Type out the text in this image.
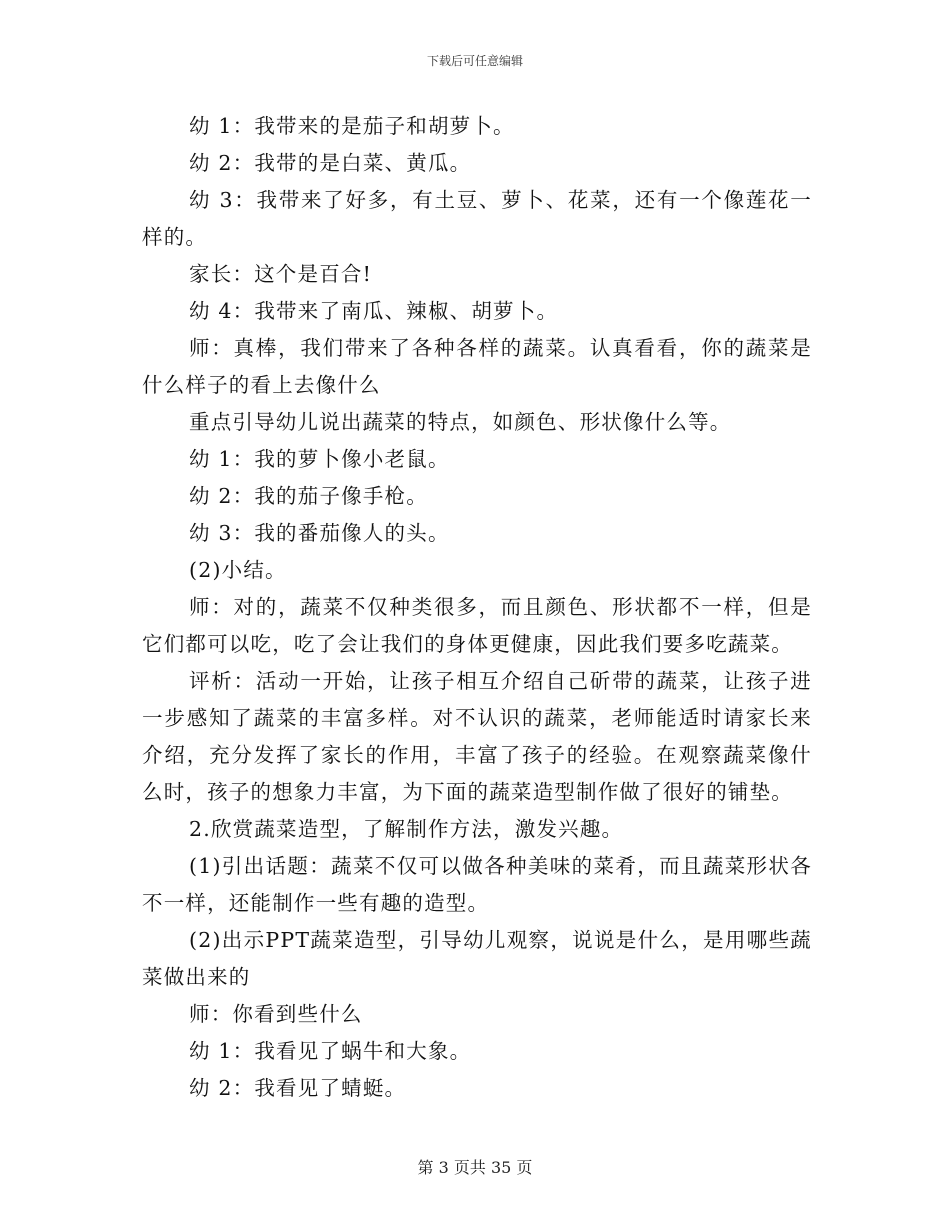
下载后可任意编辑

幼 1：我带来的是茄子和胡萝卜。

幼 2：我带的是白菜、黄瓜。

幼 3：我带来了好多，有土豆、萝卜、花菜，还有一个像莲花一样的。

家长：这个是百合!

幼 4：我带来了南瓜、辣椒、胡萝卜。

师：真棒，我们带来了各种各样的蔬菜。认真看看，你的蔬菜是什么样子的看上去像什么

重点引导幼儿说出蔬菜的特点，如颜色、形状像什么等。

幼 1：我的萝卜像小老鼠。

幼 2：我的茄子像手枪。

幼 3：我的番茄像人的头。

(2)小结。

师：对的，蔬菜不仅种类很多，而且颜色、形状都不一样，但是它们都可以吃，吃了会让我们的身体更健康，因此我们要多吃蔬菜。

评析：活动一开始，让孩子相互介绍自己斫带的蔬菜，让孩子进一步感知了蔬菜的丰富多样。对不认识的蔬菜，老师能适时请家长来介绍，充分发挥了家长的作用，丰富了孩子的经验。在观察蔬菜像什么时，孩子的想象力丰富，为下面的蔬菜造型制作做了很好的铺垫。

2.欣赏蔬菜造型，了解制作方法，激发兴趣。

(1)引出话题：蔬菜不仅可以做各种美味的菜肴，而且蔬菜形状各不一样，还能制作一些有趣的造型。

(2)出示PPT蔬菜造型，引导幼儿观察，说说是什么，是用哪些蔬菜做出来的

师：你看到些什么

幼 1：我看见了蜗牛和大象。

幼 2：我看见了蜻蜓。

第 3 页共 35 页
